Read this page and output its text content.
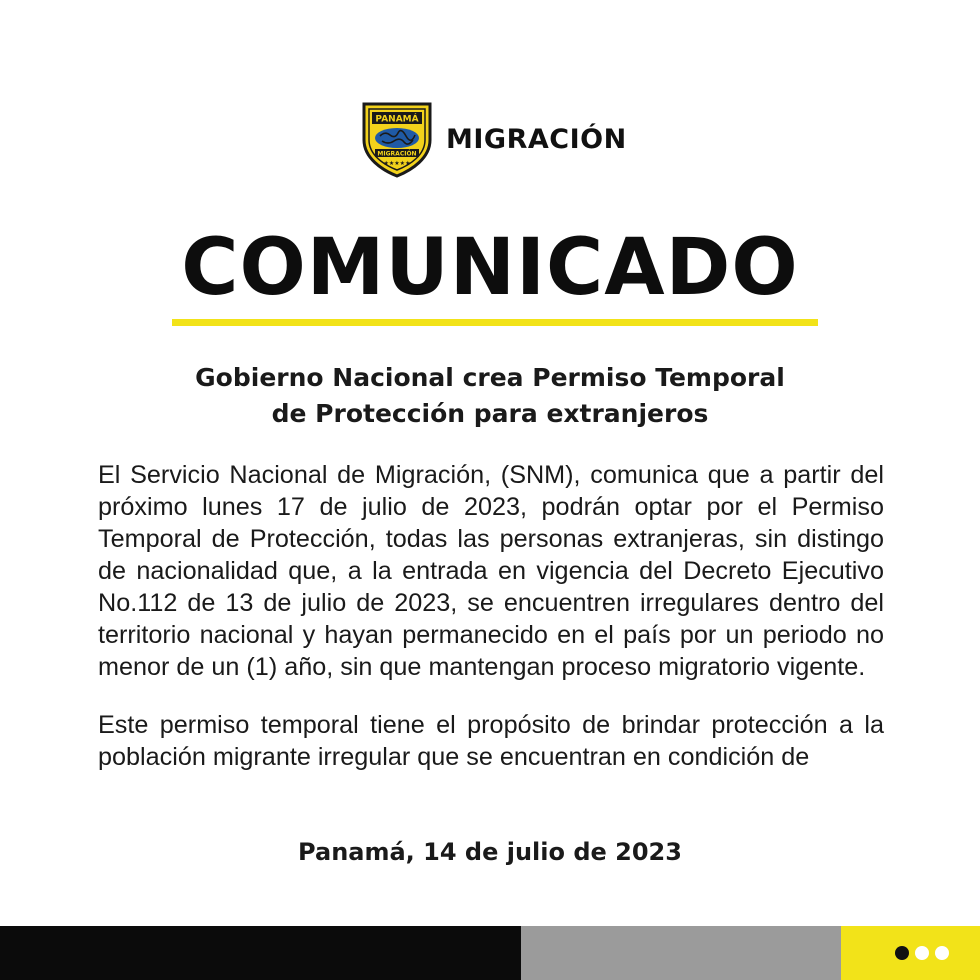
PANAMÁ
MIGRACIÓN
★★★★★
MIGRACIÓN
COMUNICADO
Gobierno Nacional crea Permiso Temporal
de Protección para extranjeros

El Servicio Nacional de Migración, (SNM), comunica que a partir del próximo lunes 17 de julio de 2023, podrán optar por el Permiso Temporal de Protección, todas las personas extranjeras, sin distingo de nacionalidad que, a la entrada en vigencia del Decreto Ejecutivo No.112 de 13 de julio de 2023, se encuentren irregulares dentro del territorio nacional y hayan permanecido en el país por un periodo no menor de un (1) año, sin que mantengan proceso migratorio vigente.

Este permiso temporal tiene el propósito de brindar protección a la población migrante irregular que se encuentran en condición de

Panamá, 14 de julio de 2023
